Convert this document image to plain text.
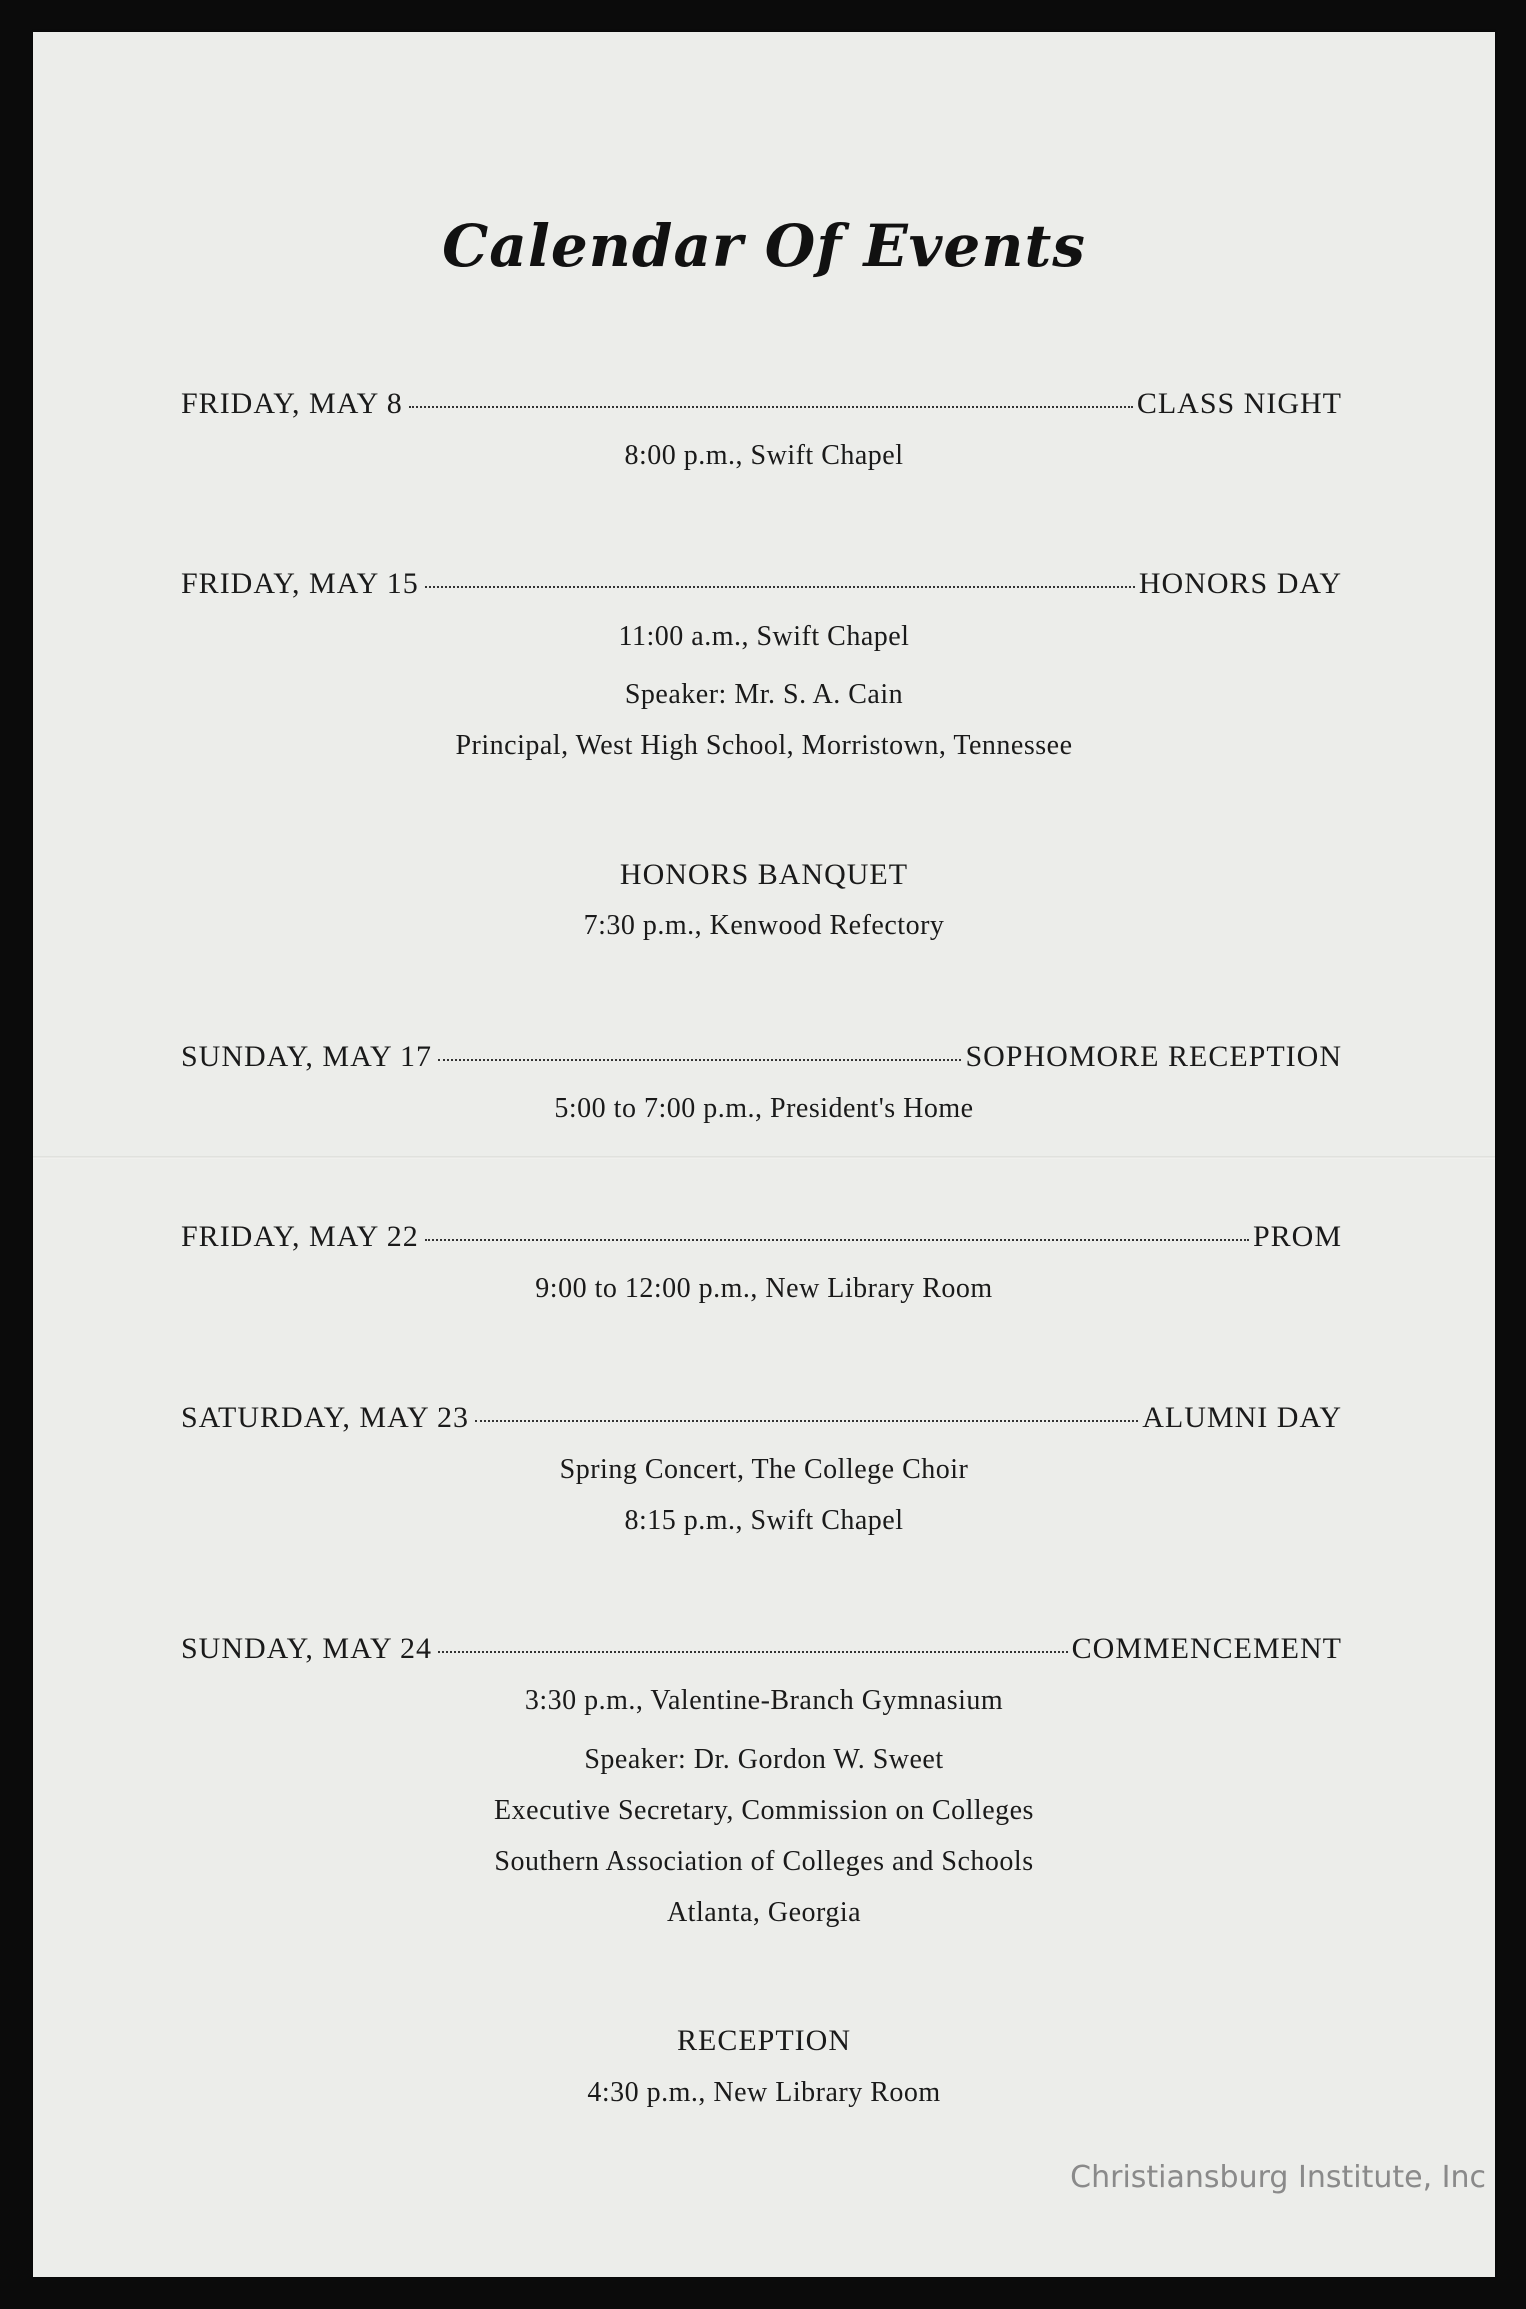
Calendar Of Events
FRIDAY, MAY 8	CLASS NIGHT
8:00 p.m., Swift Chapel
FRIDAY, MAY 15	HONORS DAY
11:00 a.m., Swift Chapel
Speaker: Mr. S. A. Cain
Principal, West High School, Morristown, Tennessee
HONORS BANQUET
7:30 p.m., Kenwood Refectory
SUNDAY, MAY 17	SOPHOMORE RECEPTION
5:00 to 7:00 p.m., President's Home
FRIDAY, MAY 22	PROM
9:00 to 12:00 p.m., New Library Room
SATURDAY, MAY 23	ALUMNI DAY
Spring Concert, The College Choir
8:15 p.m., Swift Chapel
SUNDAY, MAY 24	COMMENCEMENT
3:30 p.m., Valentine-Branch Gymnasium
Speaker: Dr. Gordon W. Sweet
Executive Secretary, Commission on Colleges
Southern Association of Colleges and Schools
Atlanta, Georgia
RECEPTION
4:30 p.m., New Library Room
Christiansburg Institute, Inc
